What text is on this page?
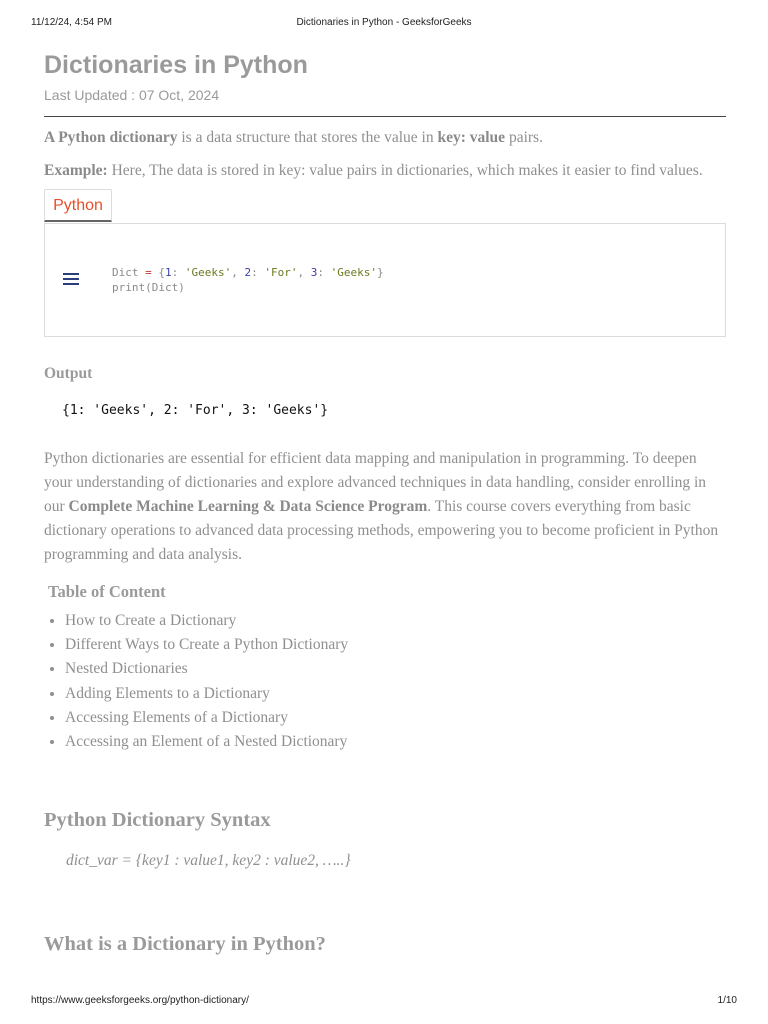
11/12/24, 4:54 PM	Dictionaries in Python - GeeksforGeeks
Dictionaries in Python
Last Updated : 07 Oct, 2024

A Python dictionary is a data structure that stores the value in key: value pairs.

Example: Here, The data is stored in key: value pairs in dictionaries, which makes it easier to find values.

Python
Dict = {1: 'Geeks', 2: 'For', 3: 'Geeks'}
print(Dict)
Output
{1: 'Geeks', 2: 'For', 3: 'Geeks'}

Python dictionaries are essential for efficient data mapping and manipulation in programming. To deepen your understanding of dictionaries and explore advanced techniques in data handling, consider enrolling in our Complete Machine Learning & Data Science Program. This course covers everything from basic dictionary operations to advanced data processing methods, empowering you to become proficient in Python programming and data analysis.

Table of Content
• How to Create a Dictionary
• Different Ways to Create a Python Dictionary
• Nested Dictionaries
• Adding Elements to a Dictionary
• Accessing Elements of a Dictionary
• Accessing an Element of a Nested Dictionary
Python Dictionary Syntax
dict_var = {key1 : value1, key2 : value2, …..}
What is a Dictionary in Python?
https://www.geeksforgeeks.org/python-dictionary/	1/10
